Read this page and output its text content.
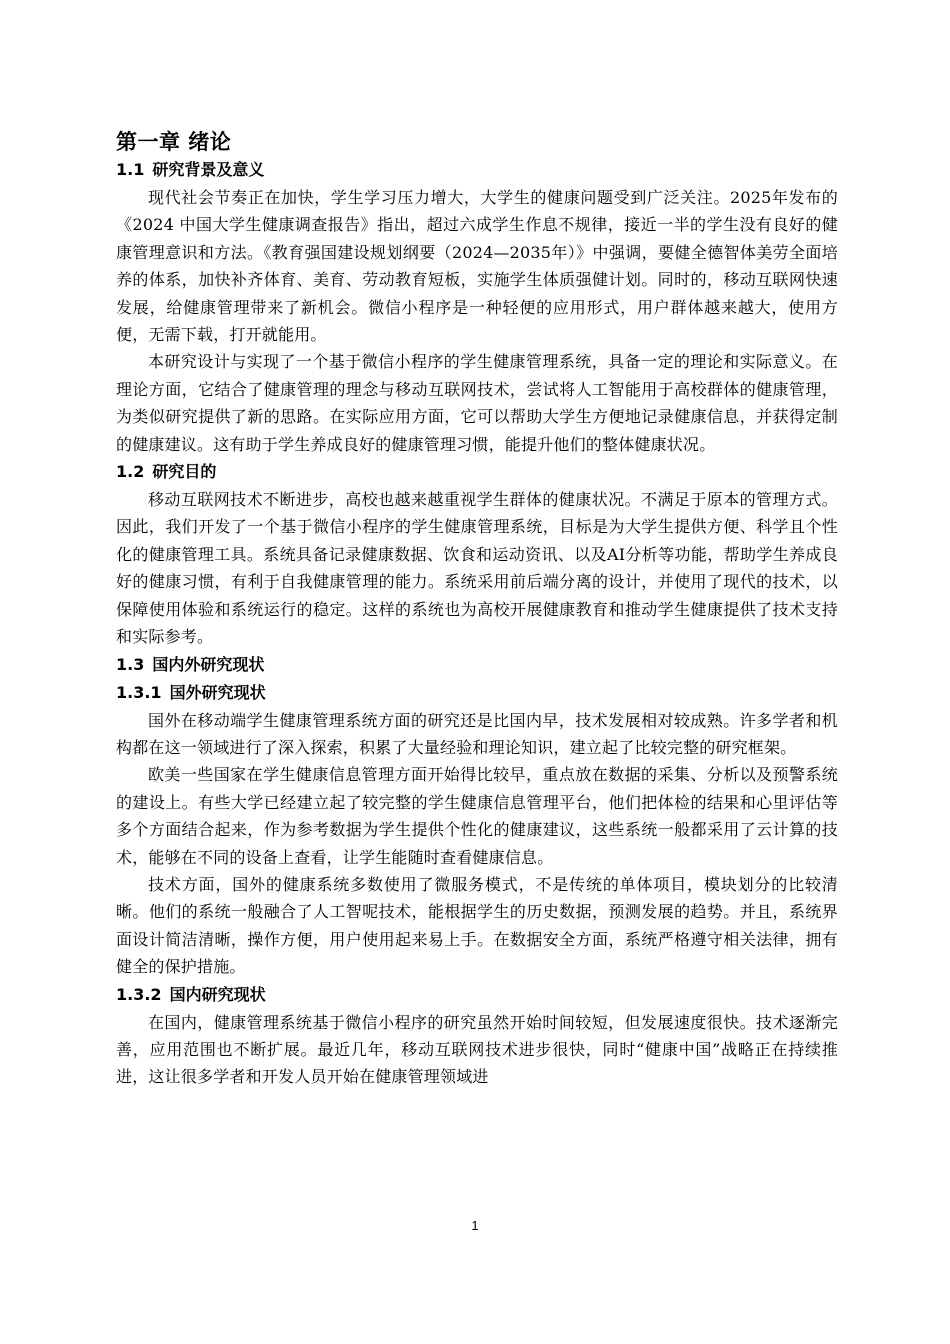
第一章 绪论
1.1 研究背景及意义

现代社会节奏正在加快，学生学习压力增大，大学生的健康问题受到广泛关注。2025年发布的《2024 中国大学生健康调查报告》指出，超过六成学生作息不规律，接近一半的学生没有良好的健康管理意识和方法。《教育强国建设规划纲要（2024—2035年）》中强调，要健全德智体美劳全面培养的体系，加快补齐体育、美育、劳动教育短板，实施学生体质强健计划。同时的，移动互联网快速发展，给健康管理带来了新机会。微信小程序是一种轻便的应用形式，用户群体越来越大，使用方便，无需下载，打开就能用。

本研究设计与实现了一个基于微信小程序的学生健康管理系统，具备一定的理论和实际意义。在理论方面，它结合了健康管理的理念与移动互联网技术，尝试将人工智能用于高校群体的健康管理，为类似研究提供了新的思路。在实际应用方面，它可以帮助大学生方便地记录健康信息，并获得定制的健康建议。这有助于学生养成良好的健康管理习惯，能提升他们的整体健康状况。

1.2 研究目的

移动互联网技术不断进步，高校也越来越重视学生群体的健康状况。不满足于原本的管理方式。因此，我们开发了一个基于微信小程序的学生健康管理系统，目标是为大学生提供方便、科学且个性化的健康管理工具。系统具备记录健康数据、饮食和运动资讯、以及AI分析等功能，帮助学生养成良好的健康习惯，有利于自我健康管理的能力。系统采用前后端分离的设计，并使用了现代的技术，以保障使用体验和系统运行的稳定。这样的系统也为高校开展健康教育和推动学生健康提供了技术支持和实际参考。

1.3 国内外研究现状
1.3.1 国外研究现状

国外在移动端学生健康管理系统方面的研究还是比国内早，技术发展相对较成熟。许多学者和机构都在这一领域进行了深入探索，积累了大量经验和理论知识，建立起了比较完整的研究框架。

欧美一些国家在学生健康信息管理方面开始得比较早，重点放在数据的采集、分析以及预警系统的建设上。有些大学已经建立起了较完整的学生健康信息管理平台，他们把体检的结果和心里评估等多个方面结合起来，作为参考数据为学生提供个性化的健康建议，这些系统一般都采用了云计算的技术，能够在不同的设备上查看，让学生能随时查看健康信息。

技术方面，国外的健康系统多数使用了微服务模式，不是传统的单体项目，模块划分的比较清晰。他们的系统一般融合了人工智呢技术，能根据学生的历史数据，预测发展的趋势。并且，系统界面设计简洁清晰，操作方便，用户使用起来易上手。在数据安全方面，系统严格遵守相关法律，拥有健全的保护措施。

1.3.2 国内研究现状

在国内，健康管理系统基于微信小程序的研究虽然开始时间较短，但发展速度很快。技术逐渐完善，应用范围也不断扩展。最近几年，移动互联网技术进步很快，同时“健康中国”战略正在持续推进，这让很多学者和开发人员开始在健康管理领域进

1
